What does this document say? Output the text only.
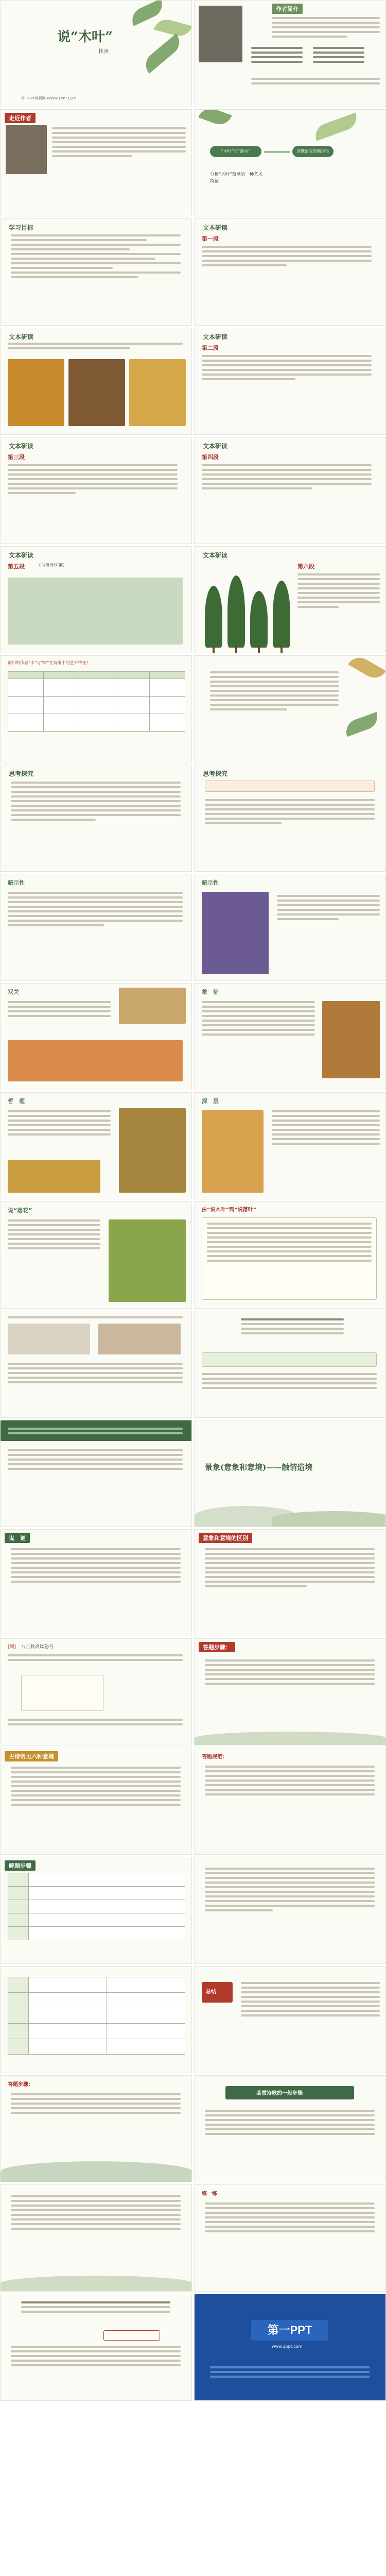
说“木叶”
林庚
第一PPT模板网-WWW.1PPT.COM
作者简介
走近作者
“木叶”与“落木”	诗歌语言的暗示性
分析“木叶”蕴涵的一种艺术特征
学习目标	文本研读
第一段
文本研读	文本研读
第二段
文本研读
第三段
文本研读
第四段
文本研读
第五段	（与落叶区别）
文本研读
第六段
请归纳作者“木”与“树”在诗歌中的艺术特征？

思考探究	思考探究
暗示性	暗示性
双关	象　征
哲　理	深　层
说“落花”	由“说木叶”到“说落叶”
景象(意象和意境)——触情造境
鬼　谜	意象和意境的区别
[例] 八月秋高风怒号	答题步骤：
古诗常见六种意境	答题规范：
解题步骤

总结
答题步骤：
鉴赏诗歌的一般步骤
练一练
第一PPT
www.1ppt.com
